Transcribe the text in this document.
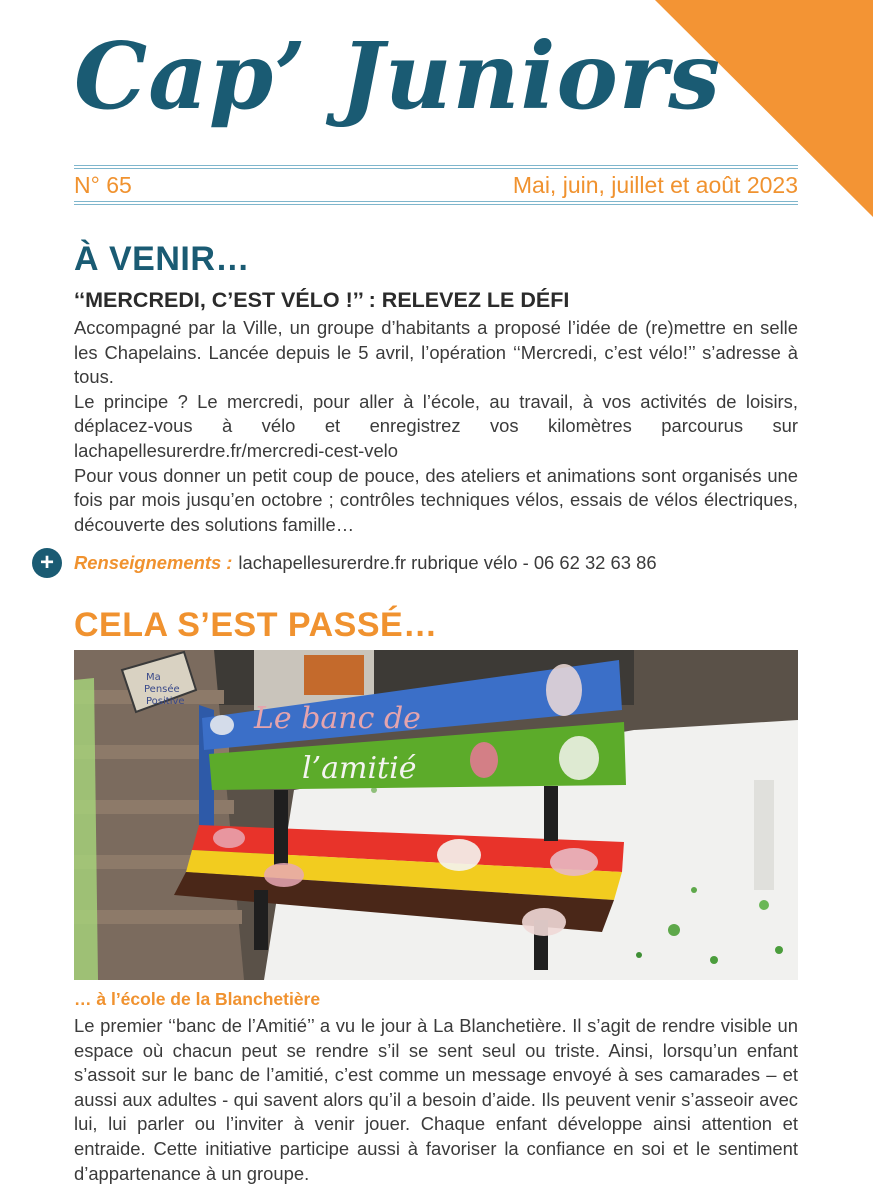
Cap’ Juniors
N° 65	Mai, juin, juillet et août 2023
À VENIR…
‘‘MERCREDI, C’EST VÉLO !’’ : RELEVEZ LE DÉFI

Accompagné par la Ville, un groupe d’habitants a proposé l’idée de (re)mettre en selle les Chapelains. Lancée depuis le 5 avril, l’opération ‘‘Mercredi, c’est vélo!’’ s’adresse à tous.

Le principe ? Le mercredi, pour aller à l’école, au travail, à vos activités de loisirs, déplacez-vous à vélo et enregistrez vos kilomètres parcourus sur lachapellesurerdre.fr/mercredi-cest-velo

Pour vous donner un petit coup de pouce, des ateliers et animations sont organisés une fois par mois jusqu’en octobre ; contrôles techniques vélos, essais de vélos électriques, découverte des solutions famille…

+	Renseignements : lachapellesurerdre.fr rubrique vélo - 06 62 32 63 86
CELA S’EST PASSÉ…
Ma
Pensée
Positive Le banc de
l’amitié
… à l’école de la Blanchetière

Le premier ‘‘banc de l’Amitié’’ a vu le jour à La Blanchetière. Il s’agit de rendre visible un espace où chacun peut se rendre s’il se sent seul ou triste. Ainsi, lorsqu’un enfant s’assoit sur le banc de l’amitié, c’est comme un message envoyé à ses camarades – et aussi aux adultes - qui savent alors qu’il a besoin d’aide. Ils peuvent venir s’asseoir avec lui, lui parler ou l’inviter à venir jouer. Chaque enfant développe ainsi attention et entraide. Cette initiative participe aussi à favoriser la confiance en soi et le sentiment d’appartenance à un groupe.
